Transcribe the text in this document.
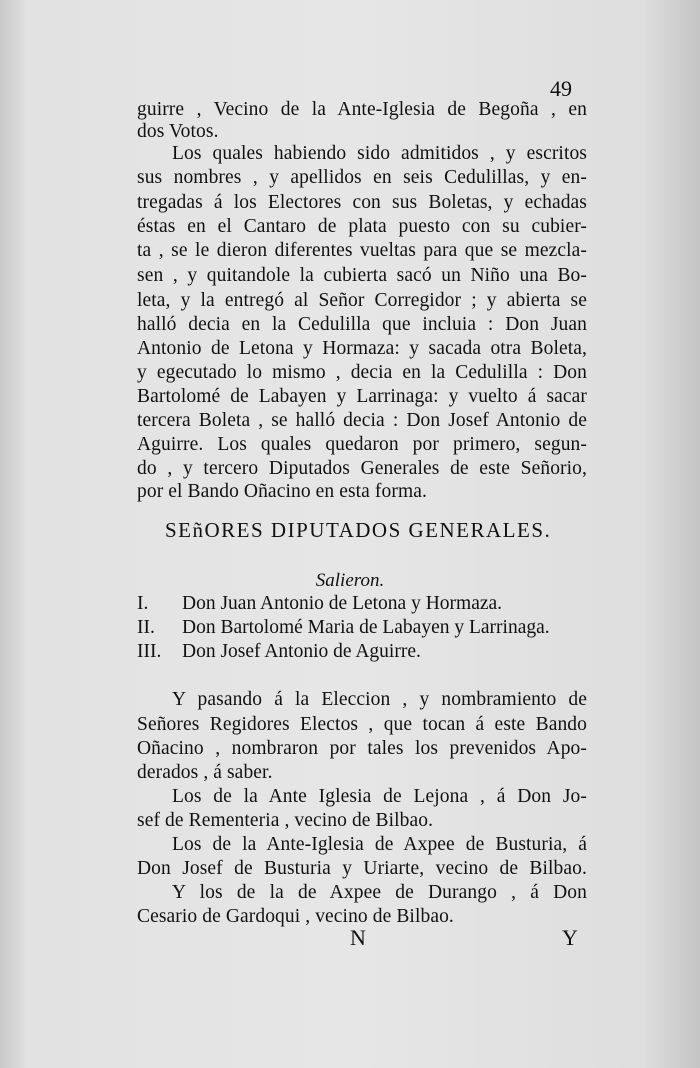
49
guirre , Vecino de la Ante-Iglesia de Begoña , en
dos Votos.
Los quales habiendo sido admitidos , y escritos
sus nombres , y apellidos en seis Cedulillas, y en-
tregadas á los Electores con sus Boletas, y echadas
éstas en el Cantaro de plata puesto con su cubier-
ta , se le dieron diferentes vueltas para que se mezcla-
sen , y quitandole la cubierta sacó un Niño una Bo-
leta, y la entregó al Señor Corregidor ; y abierta se
halló decia en la Cedulilla que incluia : Don Juan
Antonio de Letona y Hormaza: y sacada otra Boleta,
y egecutado lo mismo , decia en la Cedulilla : Don
Bartolomé de Labayen y Larrinaga: y vuelto á sacar
tercera Boleta , se halló decia : Don Josef Antonio de
Aguirre. Los quales quedaron por primero, segun-
do , y tercero Diputados Generales de este Señorio,
por el Bando Oñacino en esta forma.
SEñORES DIPUTADOS GENERALES.
Salieron.
I. Don Juan Antonio de Letona y Hormaza.
II. Don Bartolomé Maria de Labayen y Larrinaga.
III. Don Josef Antonio de Aguirre.
Y pasando á la Eleccion , y nombramiento de
Señores Regidores Electos , que tocan á este Bando
Oñacino , nombraron por tales los prevenidos Apo-
derados , á saber.
Los de la Ante Iglesia de Lejona , á Don Jo-
sef de Rementeria , vecino de Bilbao.
Los de la Ante-Iglesia de Axpee de Busturia, á
Don Josef de Busturia y Uriarte, vecino de Bilbao.
Y los de la de Axpee de Durango , á Don
Cesario de Gardoqui , vecino de Bilbao.
N	Y
